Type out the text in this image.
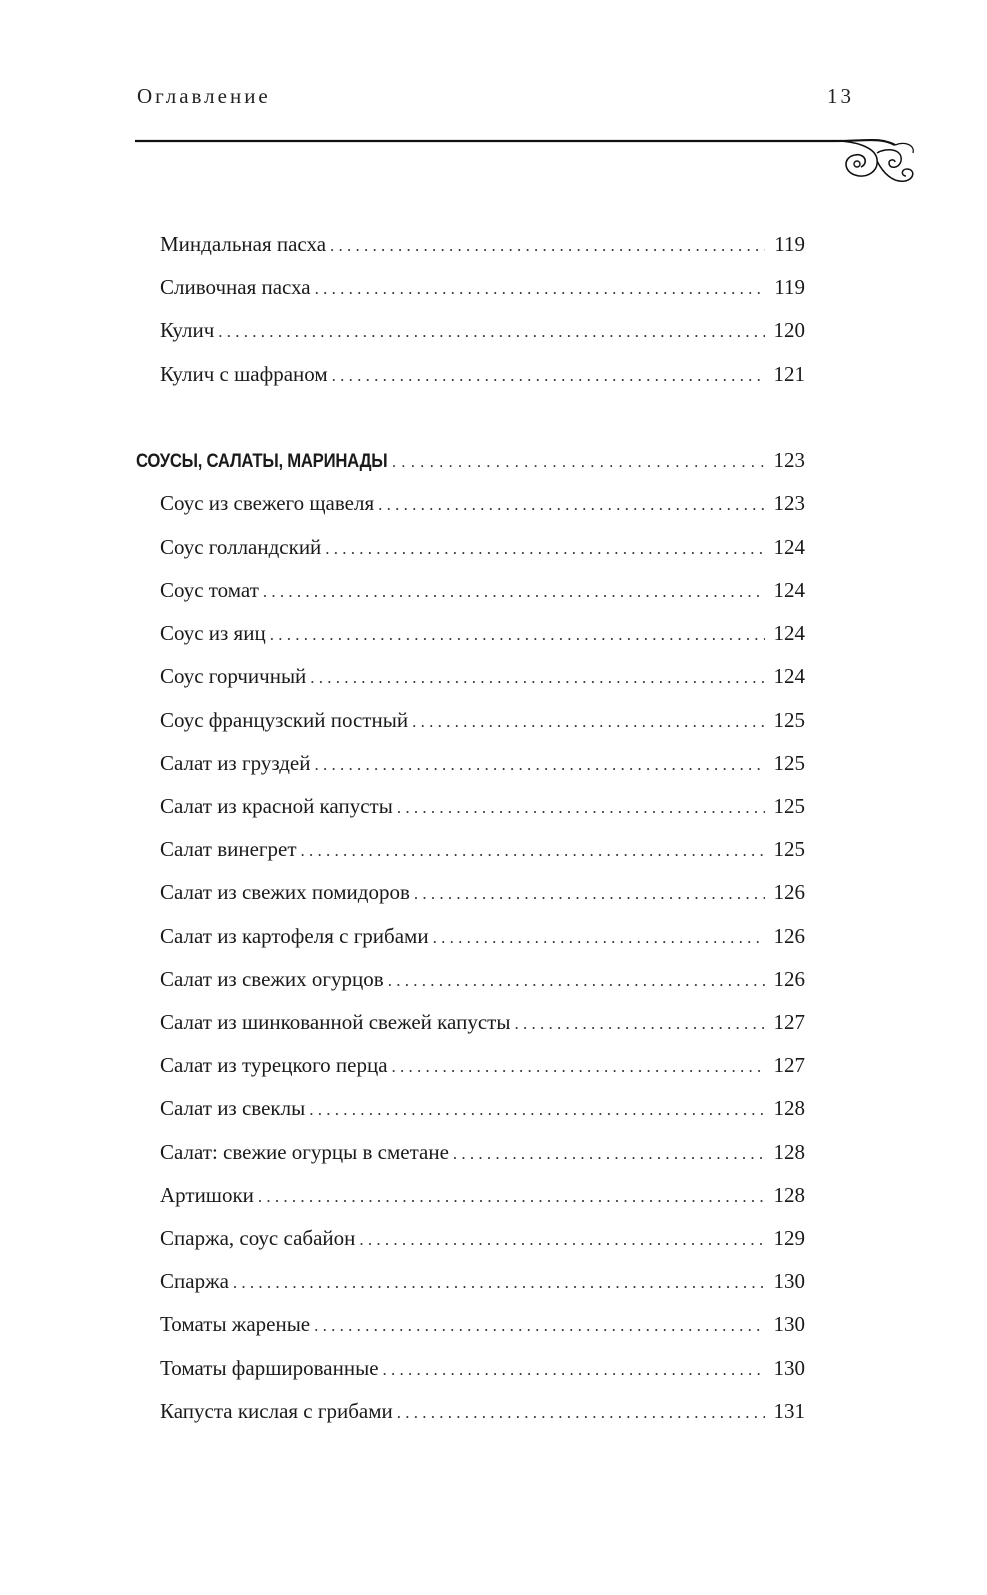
Оглавление	13
Миндальная пасха . . .	119
Сливочная пасха . . .	119
Кулич . . .	120
Кулич с шафраном . . .	121
СОУСЫ, САЛАТЫ, МАРИНАДЫ . . .	123
Соус из свежего щавеля . . .	123
Соус голландский . . .	124
Соус томат . . .	124
Соус из яиц . . .	124
Соус горчичный . . .	124
Соус французский постный . . .	125
Салат из груздей . . .	125
Салат из красной капусты . . .	125
Салат винегрет . . .	125
Салат из свежих помидоров . . .	126
Салат из картофеля с грибами . . .	126
Салат из свежих огурцов . . .	126
Салат из шинкованной свежей капусты . . .	127
Салат из турецкого перца . . .	127
Салат из свеклы . . .	128
Салат: свежие огурцы в сметане . . .	128
Артишоки . . .	128
Спаржа, соус сабайон . . .	129
Спаржа . . .	130
Томаты жареные . . .	130
Томаты фаршированные . . .	130
Капуста кислая с грибами . . .	131
